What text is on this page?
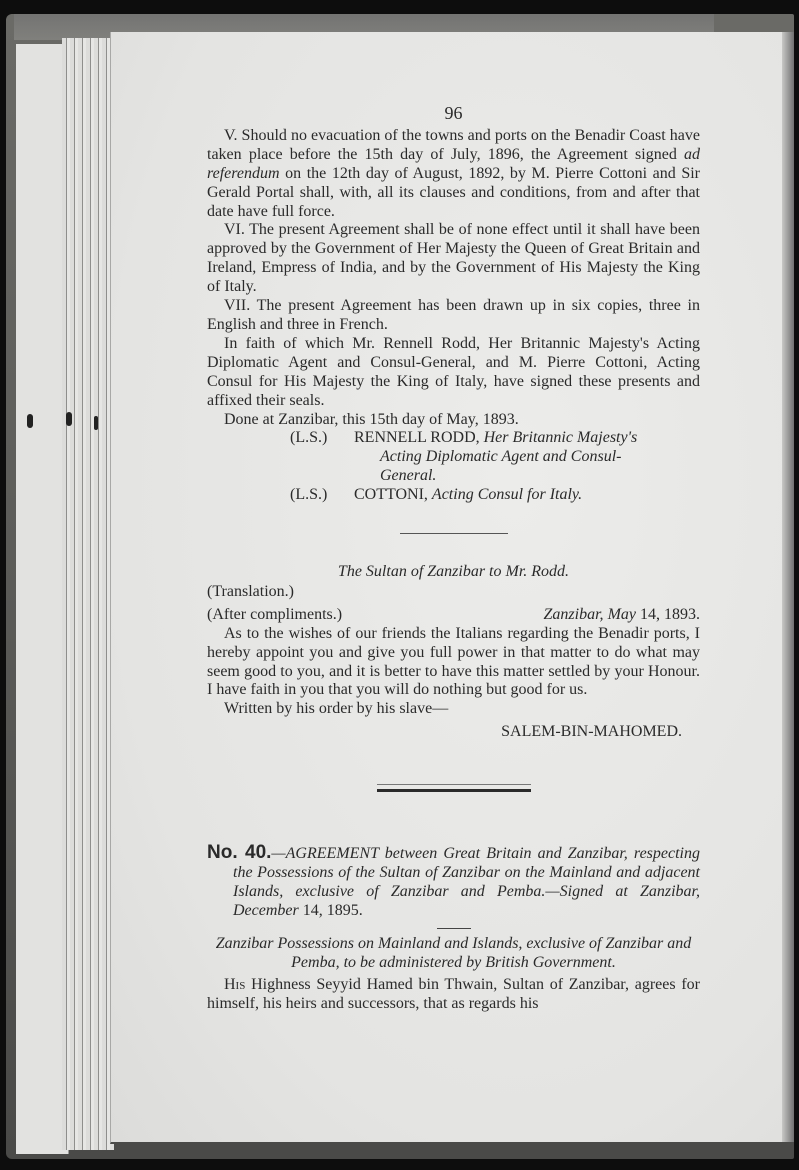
96

V. Should no evacuation of the towns and ports on the Benadir Coast have taken place before the 15th day of July, 1896, the Agreement signed ad referendum on the 12th day of August, 1892, by M. Pierre Cottoni and Sir Gerald Portal shall, with, all its clauses and conditions, from and after that date have full force.

VI. The present Agreement shall be of none effect until it shall have been approved by the Government of Her Majesty the Queen of Great Britain and Ireland, Empress of India, and by the Government of His Majesty the King of Italy.

VII. The present Agreement has been drawn up in six copies, three in English and three in French.

In faith of which Mr. Rennell Rodd, Her Britannic Majesty's Acting Diplomatic Agent and Consul-General, and M. Pierre Cottoni, Acting Consul for His Majesty the King of Italy, have signed these presents and affixed their seals.

Done at Zanzibar, this 15th day of May, 1893.

(L.S.) RENNELL RODD, Her Britannic Majesty's
Acting Diplomatic Agent and Consul-
General.
(L.S.) COTTONI, Acting Consul for Italy.

The Sultan of Zanzibar to Mr. Rodd.

(Translation.)

(After compliments.)	Zanzibar, May 14, 1893.

As to the wishes of our friends the Italians regarding the Benadir ports, I hereby appoint you and give you full power in that matter to do what may seem good to you, and it is better to have this matter settled by your Honour. I have faith in you that you will do nothing but good for us.

Written by his order by his slave—

SALEM-BIN-MAHOMED.

No. 40.—AGREEMENT between Great Britain and Zanzibar, respecting the Possessions of the Sultan of Zanzibar on the Mainland and adjacent Islands, exclusive of Zanzibar and Pemba.—Signed at Zanzibar, December 14, 1895.

Zanzibar Possessions on Mainland and Islands, exclusive of Zanzibar and Pemba, to be administered by British Government.

His Highness Seyyid Hamed bin Thwain, Sultan of Zanzibar, agrees for himself, his heirs and successors, that as regards his
